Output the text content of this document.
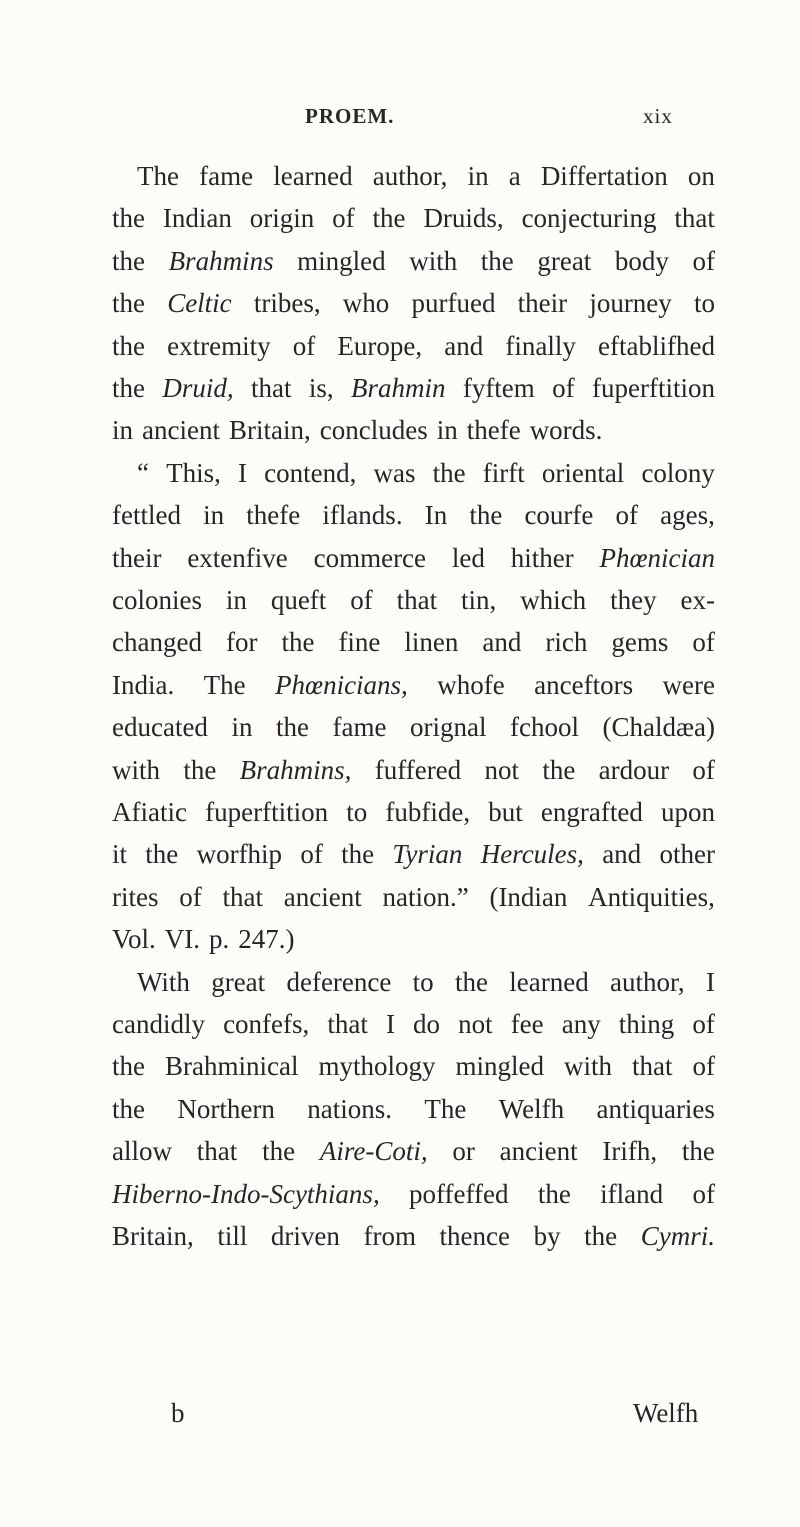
PROEM.	xix
The fame learned author, in a Differtation on
the Indian origin of the Druids, conjecturing that
the Brahmins mingled with the great body of
the Celtic tribes, who purfued their journey to
the extremity of Europe, and finally eftablifhed
the Druid, that is, Brahmin fyftem of fuperftition
in ancient Britain, concludes in thefe words.
“ This, I contend, was the firft oriental colony
fettled in thefe iflands. In the courfe of ages,
their extenfive commerce led hither Phœnician
colonies in queft of that tin, which they ex-
changed for the fine linen and rich gems of
India. The Phœnicians, whofe anceftors were
educated in the fame orignal fchool (Chaldæa)
with the Brahmins, fuffered not the ardour of
Afiatic fuperftition to fubfide, but engrafted upon
it the worfhip of the Tyrian Hercules, and other
rites of that ancient nation.” (Indian Antiquities,
Vol. VI. p. 247.)
With great deference to the learned author, I
candidly confefs, that I do not fee any thing of
the Brahminical mythology mingled with that of
the Northern nations. The Welfh antiquaries
allow that the Aire-Coti, or ancient Irifh, the
Hiberno-Indo-Scythians, poffeffed the ifland of
Britain, till driven from thence by the Cymri.
b	Welfh
